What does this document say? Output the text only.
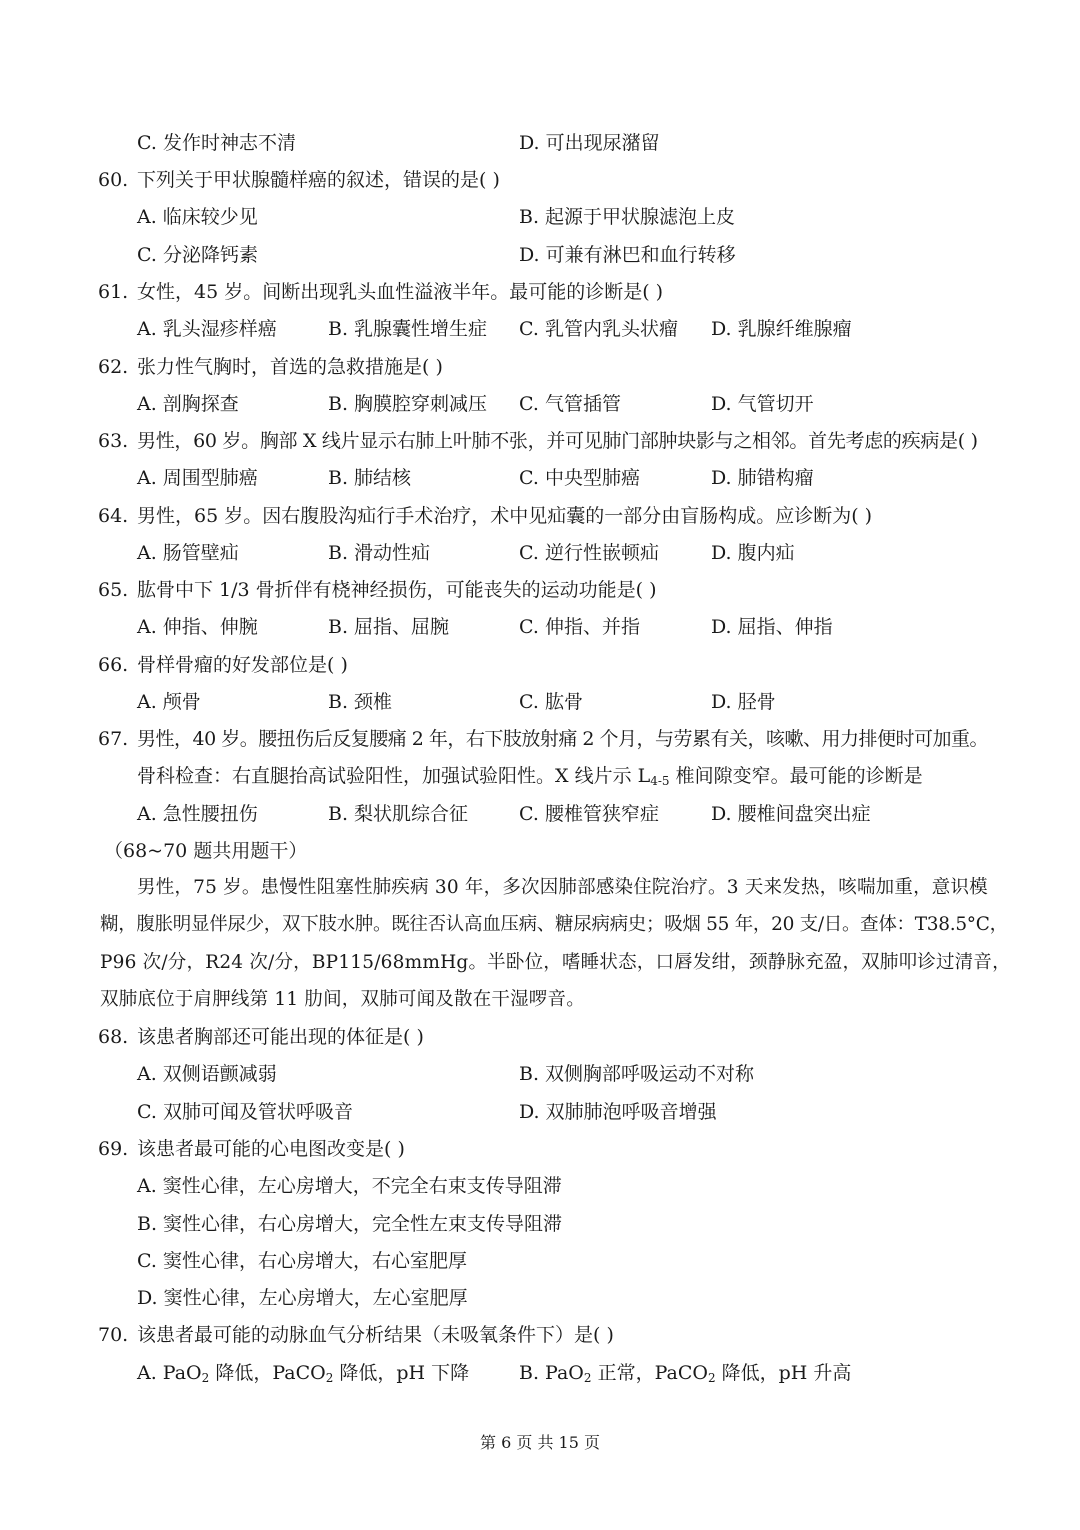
C. 发作时神志不清	D. 可出现尿潴留
60. 下列关于甲状腺髓样癌的叙述，错误的是( )
A. 临床较少见	B. 起源于甲状腺滤泡上皮
C. 分泌降钙素	D. 可兼有淋巴和血行转移
61. 女性，45 岁。间断出现乳头血性溢液半年。最可能的诊断是( )
A. 乳头湿疹样癌	B. 乳腺囊性增生症 C. 乳管内乳头状瘤 D. 乳腺纤维腺瘤
62. 张力性气胸时，首选的急救措施是( )
A. 剖胸探查	B. 胸膜腔穿刺减压 C. 气管插管	D. 气管切开
63. 男性，60 岁。胸部 X 线片显示右肺上叶肺不张，并可见肺门部肿块影与之相邻。首先考虑的疾病是( )
A. 周围型肺癌	B. 肺结核	C. 中央型肺癌	D. 肺错构瘤
64. 男性，65 岁。因右腹股沟疝行手术治疗，术中见疝囊的一部分由盲肠构成。应诊断为( )
A. 肠管壁疝	B. 滑动性疝	C. 逆行性嵌顿疝	D. 腹内疝
65. 肱骨中下 1/3 骨折伴有桡神经损伤，可能丧失的运动功能是( )
A. 伸指、伸腕	B. 屈指、屈腕	C. 伸指、并指	D. 屈指、伸指
66. 骨样骨瘤的好发部位是( )
A. 颅骨	B. 颈椎	C. 肱骨	D. 胫骨
67. 男性，40 岁。腰扭伤后反复腰痛 2 年，右下肢放射痛 2 个月，与劳累有关，咳嗽、用力排便时可加重。
骨科检查：右直腿抬高试验阳性，加强试验阳性。X 线片示 $L_{4-5}$ 椎间隙变窄。最可能的诊断是
A. 急性腰扭伤	B. 梨状肌综合征	C. 腰椎管狭窄症	D. 腰椎间盘突出症
（68~70 题共用题干）
男性，75 岁。患慢性阻塞性肺疾病 30 年，多次因肺部感染住院治疗。3 天来发热，咳喘加重，意识模
糊，腹胀明显伴尿少，双下肢水肿。既往否认高血压病、糖尿病病史；吸烟 55 年，20 支/日。查体：T38.5°C，
P96 次/分，R24 次/分，BP115/68mmHg。半卧位，嗜睡状态，口唇发绀，颈静脉充盈，双肺叩诊过清音，
双肺底位于肩胛线第 11 肋间，双肺可闻及散在干湿啰音。
68. 该患者胸部还可能出现的体征是( )
A. 双侧语颤减弱	B. 双侧胸部呼吸运动不对称
C. 双肺可闻及管状呼吸音	D. 双肺肺泡呼吸音增强
69. 该患者最可能的心电图改变是( )
A. 窦性心律，左心房增大，不完全右束支传导阻滞
B. 窦性心律，右心房增大，完全性左束支传导阻滞
C. 窦性心律，右心房增大，右心室肥厚
D. 窦性心律，左心房增大，左心室肥厚
70. 该患者最可能的动脉血气分析结果（未吸氧条件下）是( )
A. PaO$_2$ 降低，PaCO$_2$ 降低，pH 下降	B. PaO$_2$ 正常，PaCO$_2$ 降低，pH 升高
第 6 页 共 15 页
